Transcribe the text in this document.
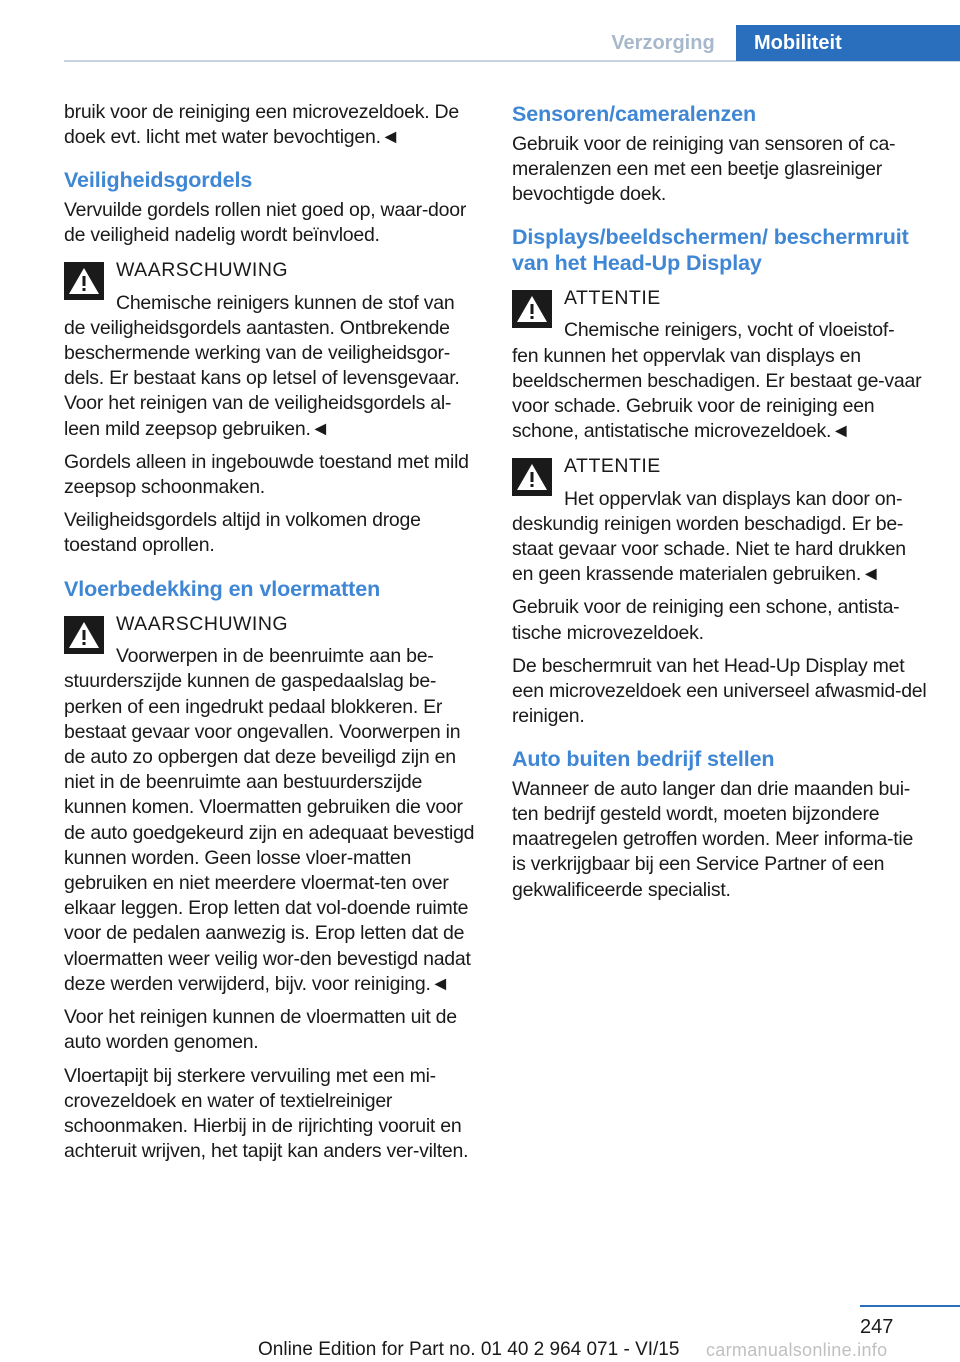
Verzorging	Mobiliteit

bruik voor de reiniging een microvezeldoek. De doek evt. licht met water bevochtigen.◄

Veiligheidsgordels

Vervuilde gordels rollen niet goed op, waar-door de veiligheid nadelig wordt beïnvloed.

WAARSCHUWING
Chemische reinigers kunnen de stof van

de veiligheidsgordels aantasten. Ontbrekende beschermende werking van de veiligheidsgor-dels. Er bestaat kans op letsel of levensgevaar. Voor het reinigen van de veiligheidsgordels al-leen mild zeepsop gebruiken.◄

Gordels alleen in ingebouwde toestand met mild zeepsop schoonmaken.

Veiligheidsgordels altijd in volkomen droge toestand oprollen.

Vloerbedekking en vloermatten
WAARSCHUWING
Voorwerpen in de beenruimte aan be-

stuurderszijde kunnen de gaspedaalslag be-perken of een ingedrukt pedaal blokkeren. Er bestaat gevaar voor ongevallen. Voorwerpen in de auto zo opbergen dat deze beveiligd zijn en niet in de beenruimte aan bestuurderszijde kunnen komen. Vloermatten gebruiken die voor de auto goedgekeurd zijn en adequaat bevestigd kunnen worden. Geen losse vloer-matten gebruiken en niet meerdere vloermat-ten over elkaar leggen. Erop letten dat vol-doende ruimte voor de pedalen aanwezig is. Erop letten dat de vloermatten weer veilig wor-den bevestigd nadat deze werden verwijderd, bijv. voor reiniging.◄

Voor het reinigen kunnen de vloermatten uit de auto worden genomen.

Vloertapijt bij sterkere vervuiling met een mi-crovezeldoek en water of textielreiniger schoonmaken. Hierbij in de rijrichting vooruit en achteruit wrijven, het tapijt kan anders ver-vilten.

Sensoren/cameralenzen

Gebruik voor de reiniging van sensoren of ca-meralenzen een met een beetje glasreiniger bevochtigde doek.

Displays/beeldschermen/ beschermruit van het Head-Up Display
ATTENTIE
Chemische reinigers, vocht of vloeistof-

fen kunnen het oppervlak van displays en beeldschermen beschadigen. Er bestaat ge-vaar voor schade. Gebruik voor de reiniging een schone, antistatische microvezeldoek.◄

ATTENTIE
Het oppervlak van displays kan door on-

deskundig reinigen worden beschadigd. Er be-staat gevaar voor schade. Niet te hard drukken en geen krassende materialen gebruiken.◄

Gebruik voor de reiniging een schone, antista-tische microvezeldoek.

De beschermruit van het Head-Up Display met een microvezeldoek een universeel afwasmid-del reinigen.

Auto buiten bedrijf stellen

Wanneer de auto langer dan drie maanden bui-ten bedrijf gesteld wordt, moeten bijzondere maatregelen getroffen worden. Meer informa-tie is verkrijgbaar bij een Service Partner of een gekwalificeerde specialist.

247
Online Edition for Part no. 01 40 2 964 071 - VI/15 carmanualsonline.info
